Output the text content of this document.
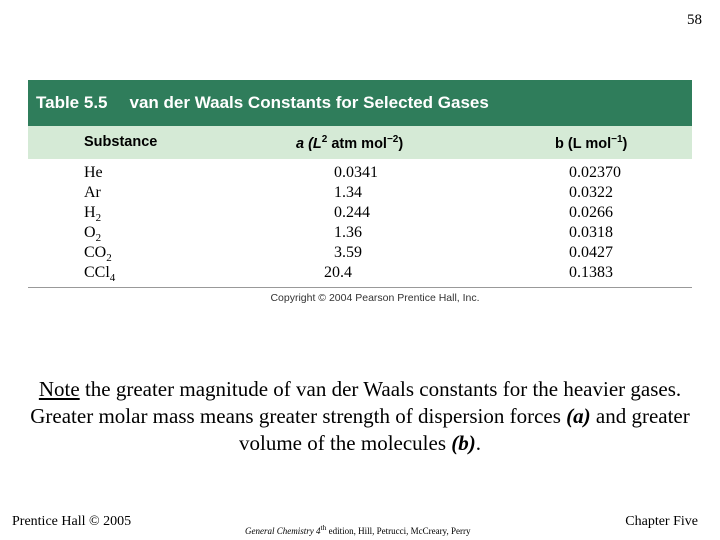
58
Table 5.5 van der Waals Constants for Selected Gases
Substance	a ($L^2$ atm mol$^{-2}$)	b (L mol$^{-1}$)
He	0.0341	0.02370
Ar	1.34	0.0322
$H_2$	0.244	0.0266
$O_2$	1.36	0.0318
$CO_2$	3.59	0.0427
CCl$_4$	20.4	0.1383
Copyright © 2004 Pearson Prentice Hall, Inc.
Note the greater magnitude of van der Waals constants for the heavier gases. Greater molar mass means greater strength of dispersion forces (a) and greater volume of the molecules (b).
Prentice Hall © 2005
General Chemistry 4th edition, Hill, Petrucci, McCreary, Perry
Chapter Five
